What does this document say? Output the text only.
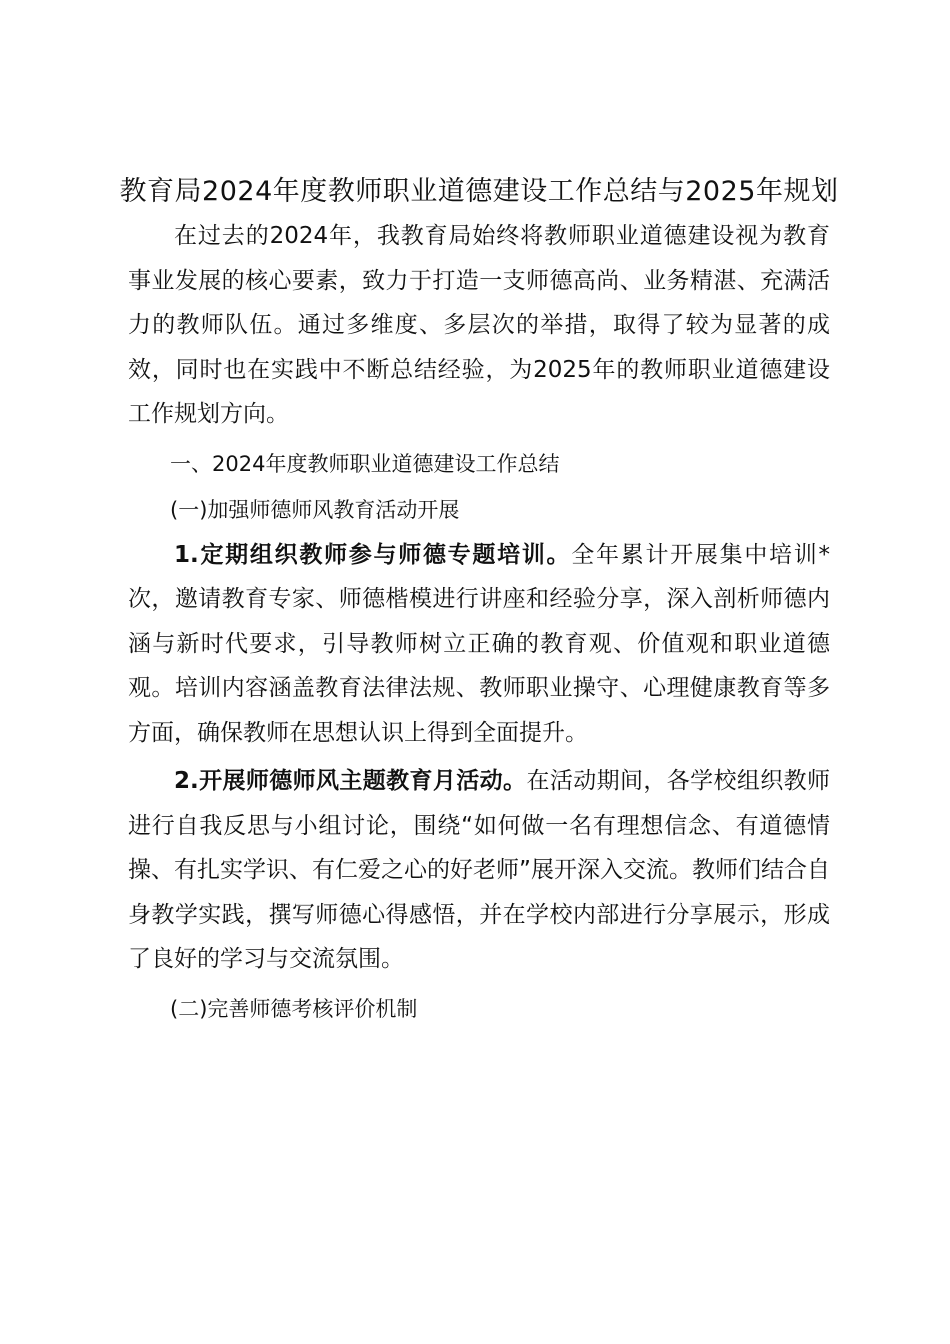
教育局2024年度教师职业道德建设工作总结与2025年规划

在过去的2024年，我教育局始终将教师职业道德建设视为教育事业发展的核心要素，致力于打造一支师德高尚、业务精湛、充满活力的教师队伍。通过多维度、多层次的举措，取得了较为显著的成效，同时也在实践中不断总结经验，为2025年的教师职业道德建设工作规划方向。

一、2024年度教师职业道德建设工作总结

(一)加强师德师风教育活动开展

1.定期组织教师参与师德专题培训。全年累计开展集中培训*次，邀请教育专家、师德楷模进行讲座和经验分享，深入剖析师德内涵与新时代要求，引导教师树立正确的教育观、价值观和职业道德观。培训内容涵盖教育法律法规、教师职业操守、心理健康教育等多方面，确保教师在思想认识上得到全面提升。

2.开展师德师风主题教育月活动。在活动期间，各学校组织教师进行自我反思与小组讨论，围绕“如何做一名有理想信念、有道德情操、有扎实学识、有仁爱之心的好老师”展开深入交流。教师们结合自身教学实践，撰写师德心得感悟，并在学校内部进行分享展示，形成了良好的学习与交流氛围。

(二)完善师德考核评价机制
